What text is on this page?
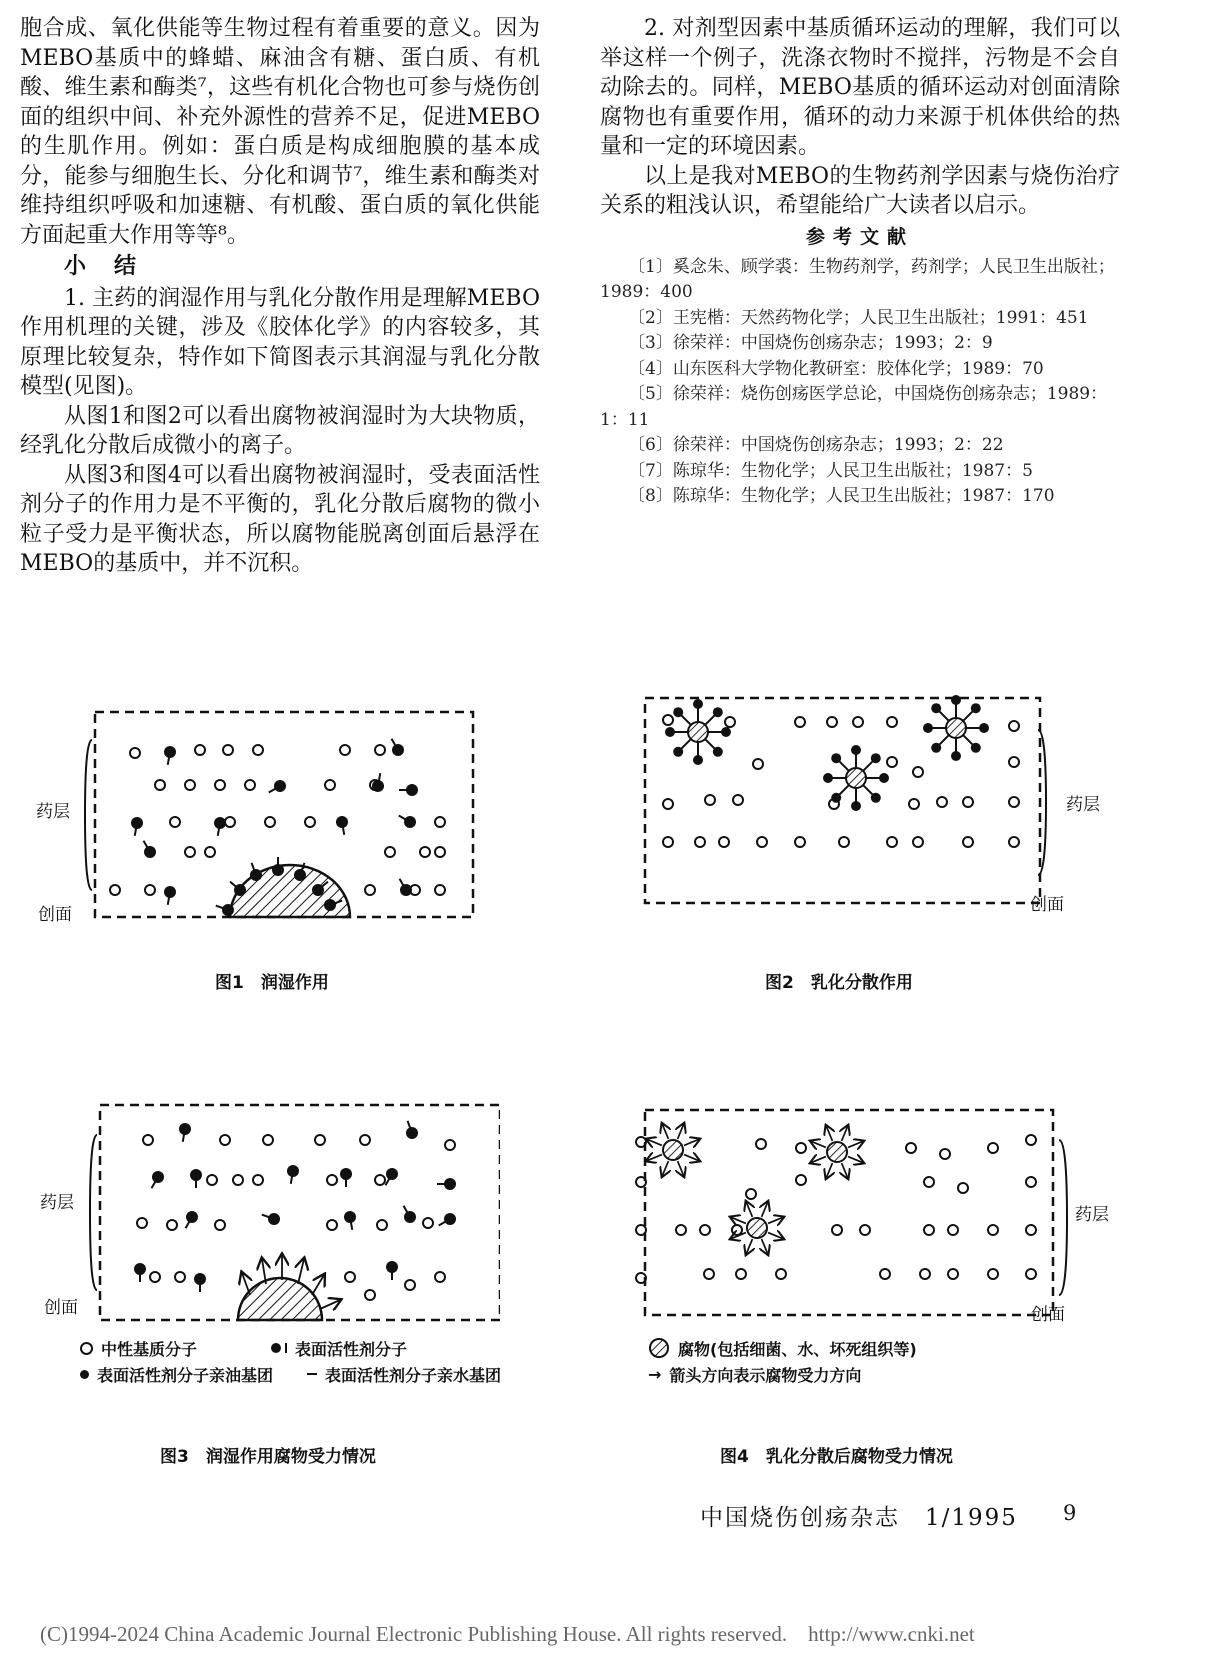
胞合成、氧化供能等生物过程有着重要的意义。因为MEBO基质中的蜂蜡、麻油含有糖、蛋白质、有机酸、维生素和酶类⁷，这些有机化合物也可参与烧伤创面的组织中间、补充外源性的营养不足，促进MEBO的生肌作用。例如：蛋白质是构成细胞膜的基本成分，能参与细胞生长、分化和调节⁷，维生素和酶类对维持组织呼吸和加速糖、有机酸、蛋白质的氧化供能方面起重大作用等等⁸。

小结

1. 主药的润湿作用与乳化分散作用是理解MEBO作用机理的关键，涉及《胶体化学》的内容较多，其原理比较复杂，特作如下简图表示其润湿与乳化分散模型(见图)。

从图1和图2可以看出腐物被润湿时为大块物质，经乳化分散后成微小的离子。

从图3和图4可以看出腐物被润湿时，受表面活性剂分子的作用力是不平衡的，乳化分散后腐物的微小粒子受力是平衡状态，所以腐物能脱离创面后悬浮在MEBO的基质中，并不沉积。

2. 对剂型因素中基质循环运动的理解，我们可以举这样一个例子，洗涤衣物时不搅拌，污物是不会自动除去的。同样，MEBO基质的循环运动对创面清除腐物也有重要作用，循环的动力来源于机体供给的热量和一定的环境因素。

以上是我对MEBO的生物药剂学因素与烧伤治疗关系的粗浅认识，希望能给广大读者以启示。

参考文献

〔1〕奚念朱、顾学裘：生物药剂学，药剂学；人民卫生出版社；1989：400

〔2〕王宪楷：天然药物化学；人民卫生出版社；1991：451

〔3〕徐荣祥：中国烧伤创疡杂志；1993；2：9

〔4〕山东医科大学物化教研室：胶体化学；1989：70

〔5〕徐荣祥：烧伤创疡医学总论，中国烧伤创疡杂志；1989：1：11

〔6〕徐荣祥：中国烧伤创疡杂志；1993；2：22

〔7〕陈琼华：生物化学；人民卫生出版社；1987：5

〔8〕陈琼华：生物化学；人民卫生出版社；1987：170

药层
创面
图1　润湿作用
药层
创面
图2　乳化分散作用
药层
创面
中性基质分子	表面活性剂分子
表面活性剂分子亲油基团	表面活性剂分子亲水基团
图3　润湿作用腐物受力情况
药层
创面
腐物(包括细菌、水、坏死组织等)
→ 箭头方向表示腐物受力方向
图4　乳化分散后腐物受力情况
中国烧伤创疡杂志　1/1995 9
(C)1994-2024 China Academic Journal Electronic Publishing House. All rights reserved.　http://www.cnki.net
